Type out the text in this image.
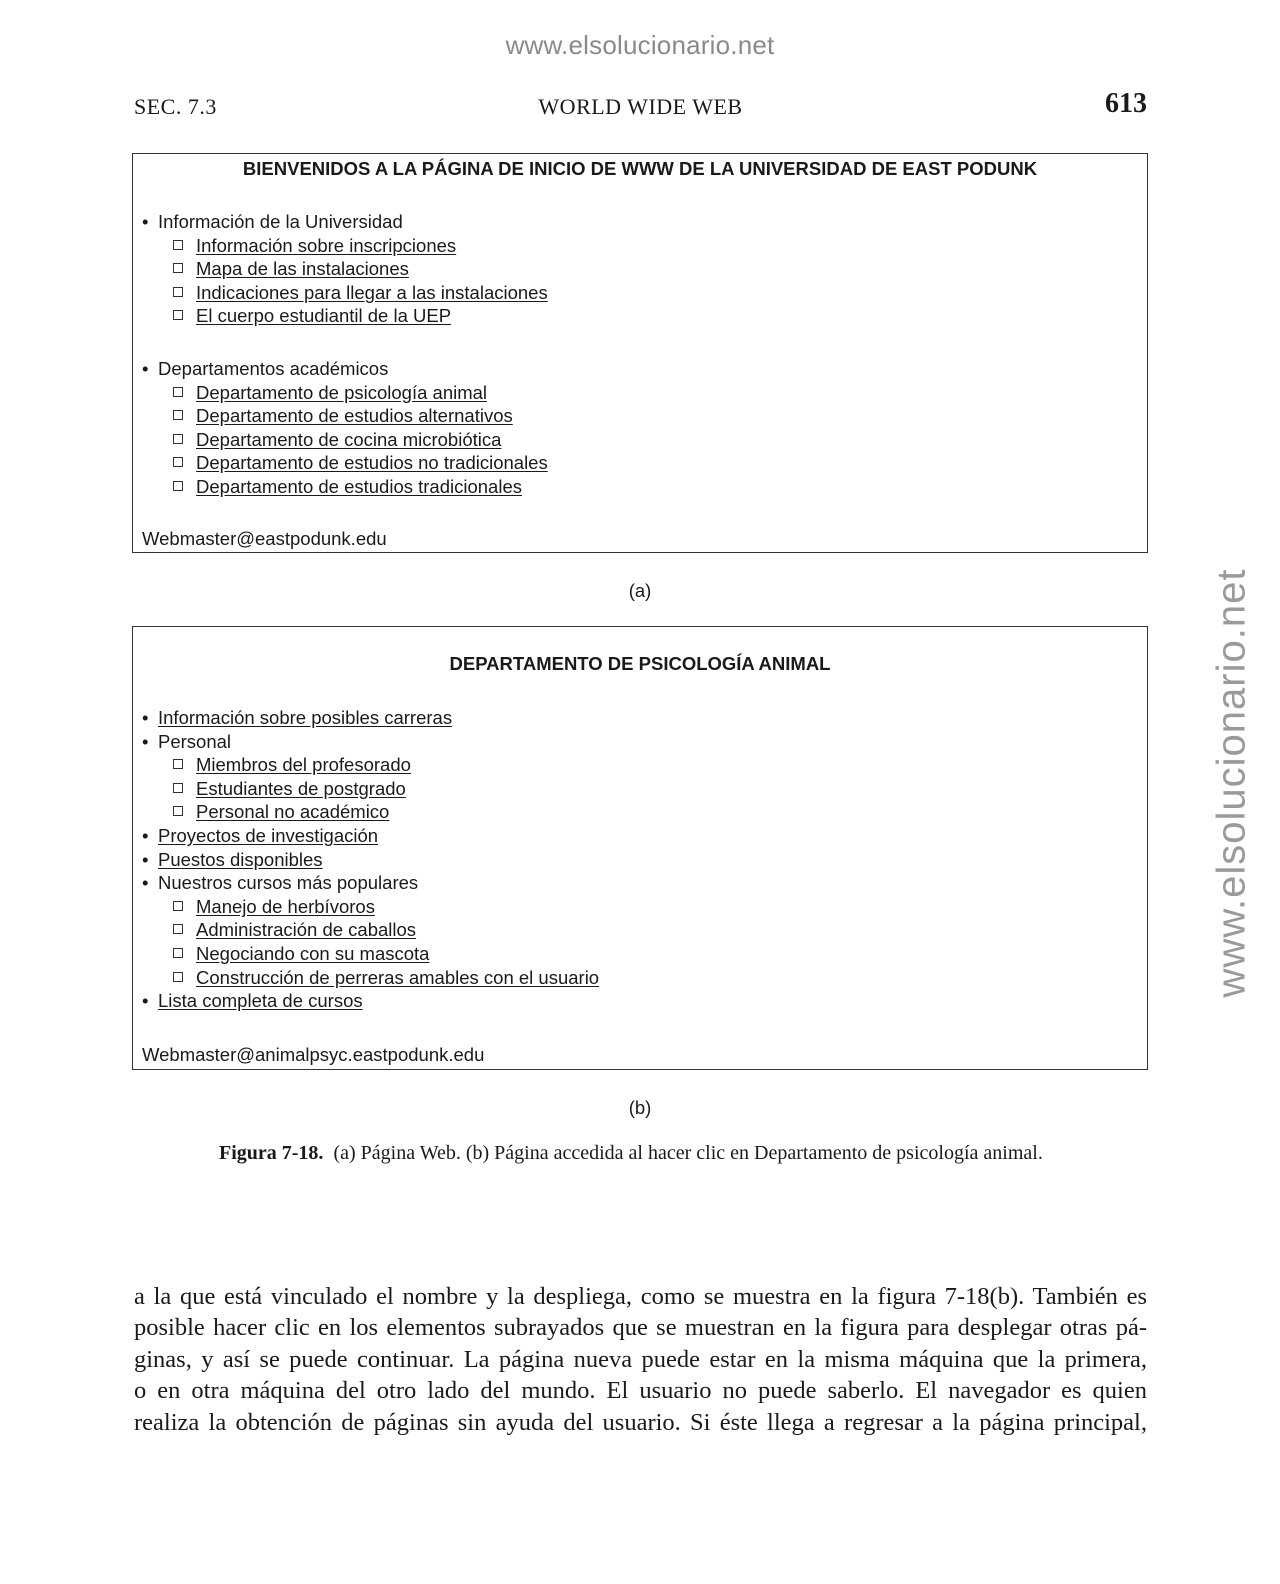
www.elsolucionario.net
www.elsolucionario.net
SEC. 7.3	WORLD WIDE WEB	613
BIENVENIDOS A LA PÁGINA DE INICIO DE WWW DE LA UNIVERSIDAD DE EAST PODUNK
• Información de la Universidad
Información sobre inscripciones
Mapa de las instalaciones
Indicaciones para llegar a las instalaciones
El cuerpo estudiantil de la UEP
• Departamentos académicos
Departamento de psicología animal
Departamento de estudios alternativos
Departamento de cocina microbiótica
Departamento de estudios no tradicionales
Departamento de estudios tradicionales
Webmaster@eastpodunk.edu
(a)
DEPARTAMENTO DE PSICOLOGÍA ANIMAL
• Información sobre posibles carreras
• Personal
Miembros del profesorado
Estudiantes de postgrado
Personal no académico
• Proyectos de investigación
• Puestos disponibles
• Nuestros cursos más populares
Manejo de herbívoros
Administración de caballos
Negociando con su mascota
Construcción de perreras amables con el usuario
• Lista completa de cursos
Webmaster@animalpsyc.eastpodunk.edu
(b)
Figura 7-18. (a) Página Web. (b) Página accedida al hacer clic en Departamento de psicología animal.
a la que está vinculado el nombre y la despliega, como se muestra en la figura 7-18(b). También es
posible hacer clic en los elementos subrayados que se muestran en la figura para desplegar otras pá-
ginas, y así se puede continuar. La página nueva puede estar en la misma máquina que la primera,
o en otra máquina del otro lado del mundo. El usuario no puede saberlo. El navegador es quien
realiza la obtención de páginas sin ayuda del usuario. Si éste llega a regresar a la página principal,
